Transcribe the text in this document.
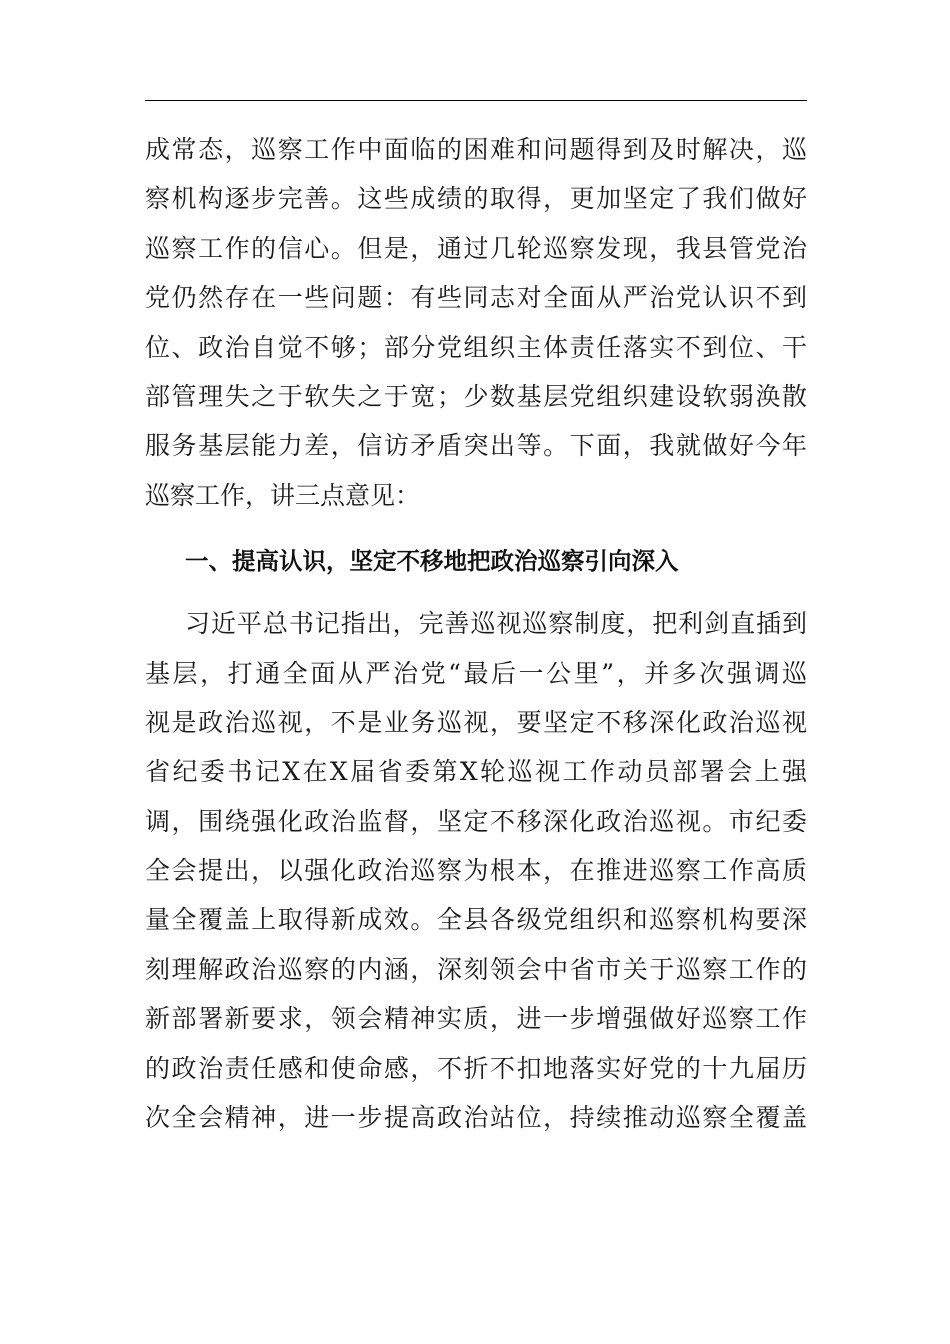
成常态，巡察工作中面临的困难和问题得到及时解决，巡
察机构逐步完善。这些成绩的取得，更加坚定了我们做好
巡察工作的信心。但是，通过几轮巡察发现，我县管党治
党仍然存在一些问题：有些同志对全面从严治党认识不到
位、政治自觉不够；部分党组织主体责任落实不到位、干
部管理失之于软失之于宽；少数基层党组织建设软弱涣散
服务基层能力差，信访矛盾突出等。下面，我就做好今年
巡察工作，讲三点意见：
一、提高认识，坚定不移地把政治巡察引向深入
习近平总书记指出，完善巡视巡察制度，把利剑直插到
基层，打通全面从严治党“最后一公里”，并多次强调巡
视是政治巡视，不是业务巡视，要坚定不移深化政治巡视
省纪委书记X在X届省委第X轮巡视工作动员部署会上强
调，围绕强化政治监督，坚定不移深化政治巡视。市纪委
全会提出，以强化政治巡察为根本，在推进巡察工作高质
量全覆盖上取得新成效。全县各级党组织和巡察机构要深
刻理解政治巡察的内涵，深刻领会中省市关于巡察工作的
新部署新要求，领会精神实质，进一步增强做好巡察工作
的政治责任感和使命感，不折不扣地落实好党的十九届历
次全会精神，进一步提高政治站位，持续推动巡察全覆盖
